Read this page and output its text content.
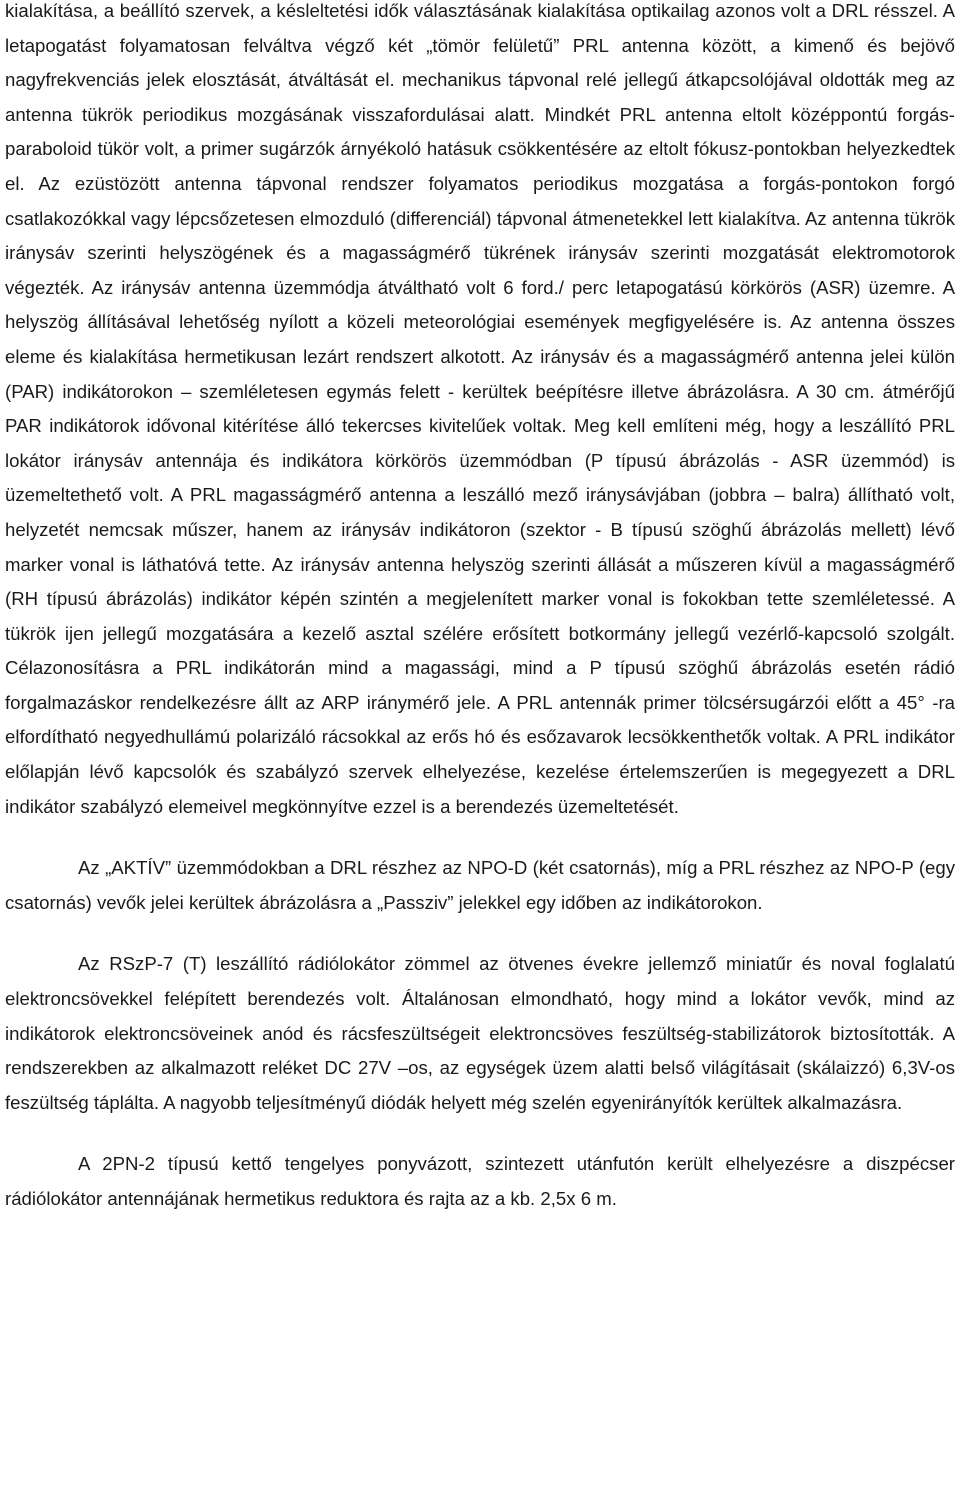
kialakítása, a beállító szervek, a késleltetési idők választásának kialakítása optikailag azonos volt a DRL résszel. A letapogatást folyamatosan felváltva végző két „tömör felületű” PRL antenna között, a kimenő és bejövő nagyfrekvenciás jelek elosztását, átváltását el. mechanikus tápvonal relé jellegű átkapcsolójával oldották meg az antenna tükrök periodikus mozgásának visszafordulásai alatt. Mindkét PRL antenna eltolt középpontú forgás-paraboloid tükör volt, a primer sugárzók árnyékoló hatásuk csökkentésére az eltolt fókusz-pontokban helyezkedtek el. Az ezüstözött antenna tápvonal rendszer folyamatos periodikus mozgatása a forgás-pontokon forgó csatlakozókkal vagy lépcsőzetesen elmozduló (differenciál) tápvonal átmenetekkel lett kialakítva. Az antenna tükrök iránysáv szerinti helyszögének és a magasságmérő tükrének iránysáv szerinti mozgatását elektromotorok végezték. Az iránysáv antenna üzemmódja átváltható volt 6 ford./ perc letapogatású körkörös (ASR) üzemre. A helyszög állításával lehetőség nyílott a közeli meteorológiai események megfigyelésére is. Az antenna összes eleme és kialakítása hermetikusan lezárt rendszert alkotott. Az iránysáv és a magasságmérő antenna jelei külön (PAR) indikátorokon – szemléletesen egymás felett - kerültek beépítésre illetve ábrázolásra. A 30 cm. átmérőjű PAR indikátorok idővonal kitérítése álló tekercses kivitelűek voltak. Meg kell említeni még, hogy a leszállító PRL lokátor iránysáv antennája és indikátora körkörös üzemmódban (P típusú ábrázolás - ASR üzemmód) is üzemeltethető volt. A PRL magasságmérő antenna a leszálló mező iránysávjában (jobbra – balra) állítható volt, helyzetét nemcsak műszer, hanem az iránysáv indikátoron (szektor - B típusú szöghű ábrázolás mellett) lévő marker vonal is láthatóvá tette. Az iránysáv antenna helyszög szerinti állását a műszeren kívül a magasságmérő (RH típusú ábrázolás) indikátor képén szintén a megjelenített marker vonal is fokokban tette szemléletessé. A tükrök ijen jellegű mozgatására a kezelő asztal szélére erősített botkormány jellegű vezérlő-kapcsoló szolgált. Célazonosításra a PRL indikátorán mind a magassági, mind a P típusú szöghű ábrázolás esetén rádió forgalmazáskor rendelkezésre állt az ARP iránymérő jele. A PRL antennák primer tölcsérsugárzói előtt a 45° -ra elfordítható negyedhullámú polarizáló rácsokkal az erős hó és esőzavarok lecsökkenthetők voltak. A PRL indikátor előlapján lévő kapcsolók és szabályzó szervek elhelyezése, kezelése értelemszerűen is megegyezett a DRL indikátor szabályzó elemeivel megkönnyítve ezzel is a berendezés üzemeltetését.

Az „AKTÍV” üzemmódokban a DRL részhez az NPO-D (két csatornás), míg a PRL részhez az NPO-P (egy csatornás) vevők jelei kerültek ábrázolásra a „Passziv” jelekkel egy időben az indikátorokon.

Az RSzP-7 (T) leszállító rádiólokátor zömmel az ötvenes évekre jellemző miniatűr és noval foglalatú elektroncsövekkel felépített berendezés volt. Általánosan elmondható, hogy mind a lokátor vevők, mind az indikátorok elektroncsöveinek anód és rácsfeszültségeit elektroncsöves feszültség-stabilizátorok biztosították. A rendszerekben az alkalmazott reléket DC 27V –os, az egységek üzem alatti belső világításait (skálaizzó) 6,3V-os feszültség táplálta. A nagyobb teljesítményű diódák helyett még szelén egyenirányítók kerültek alkalmazásra.

A 2PN-2 típusú kettő tengelyes ponyvázott, szintezett utánfutón került elhelyezésre a diszpécser rádiólokátor antennájának hermetikus reduktora és rajta az a kb. 2,5x 6 m.
